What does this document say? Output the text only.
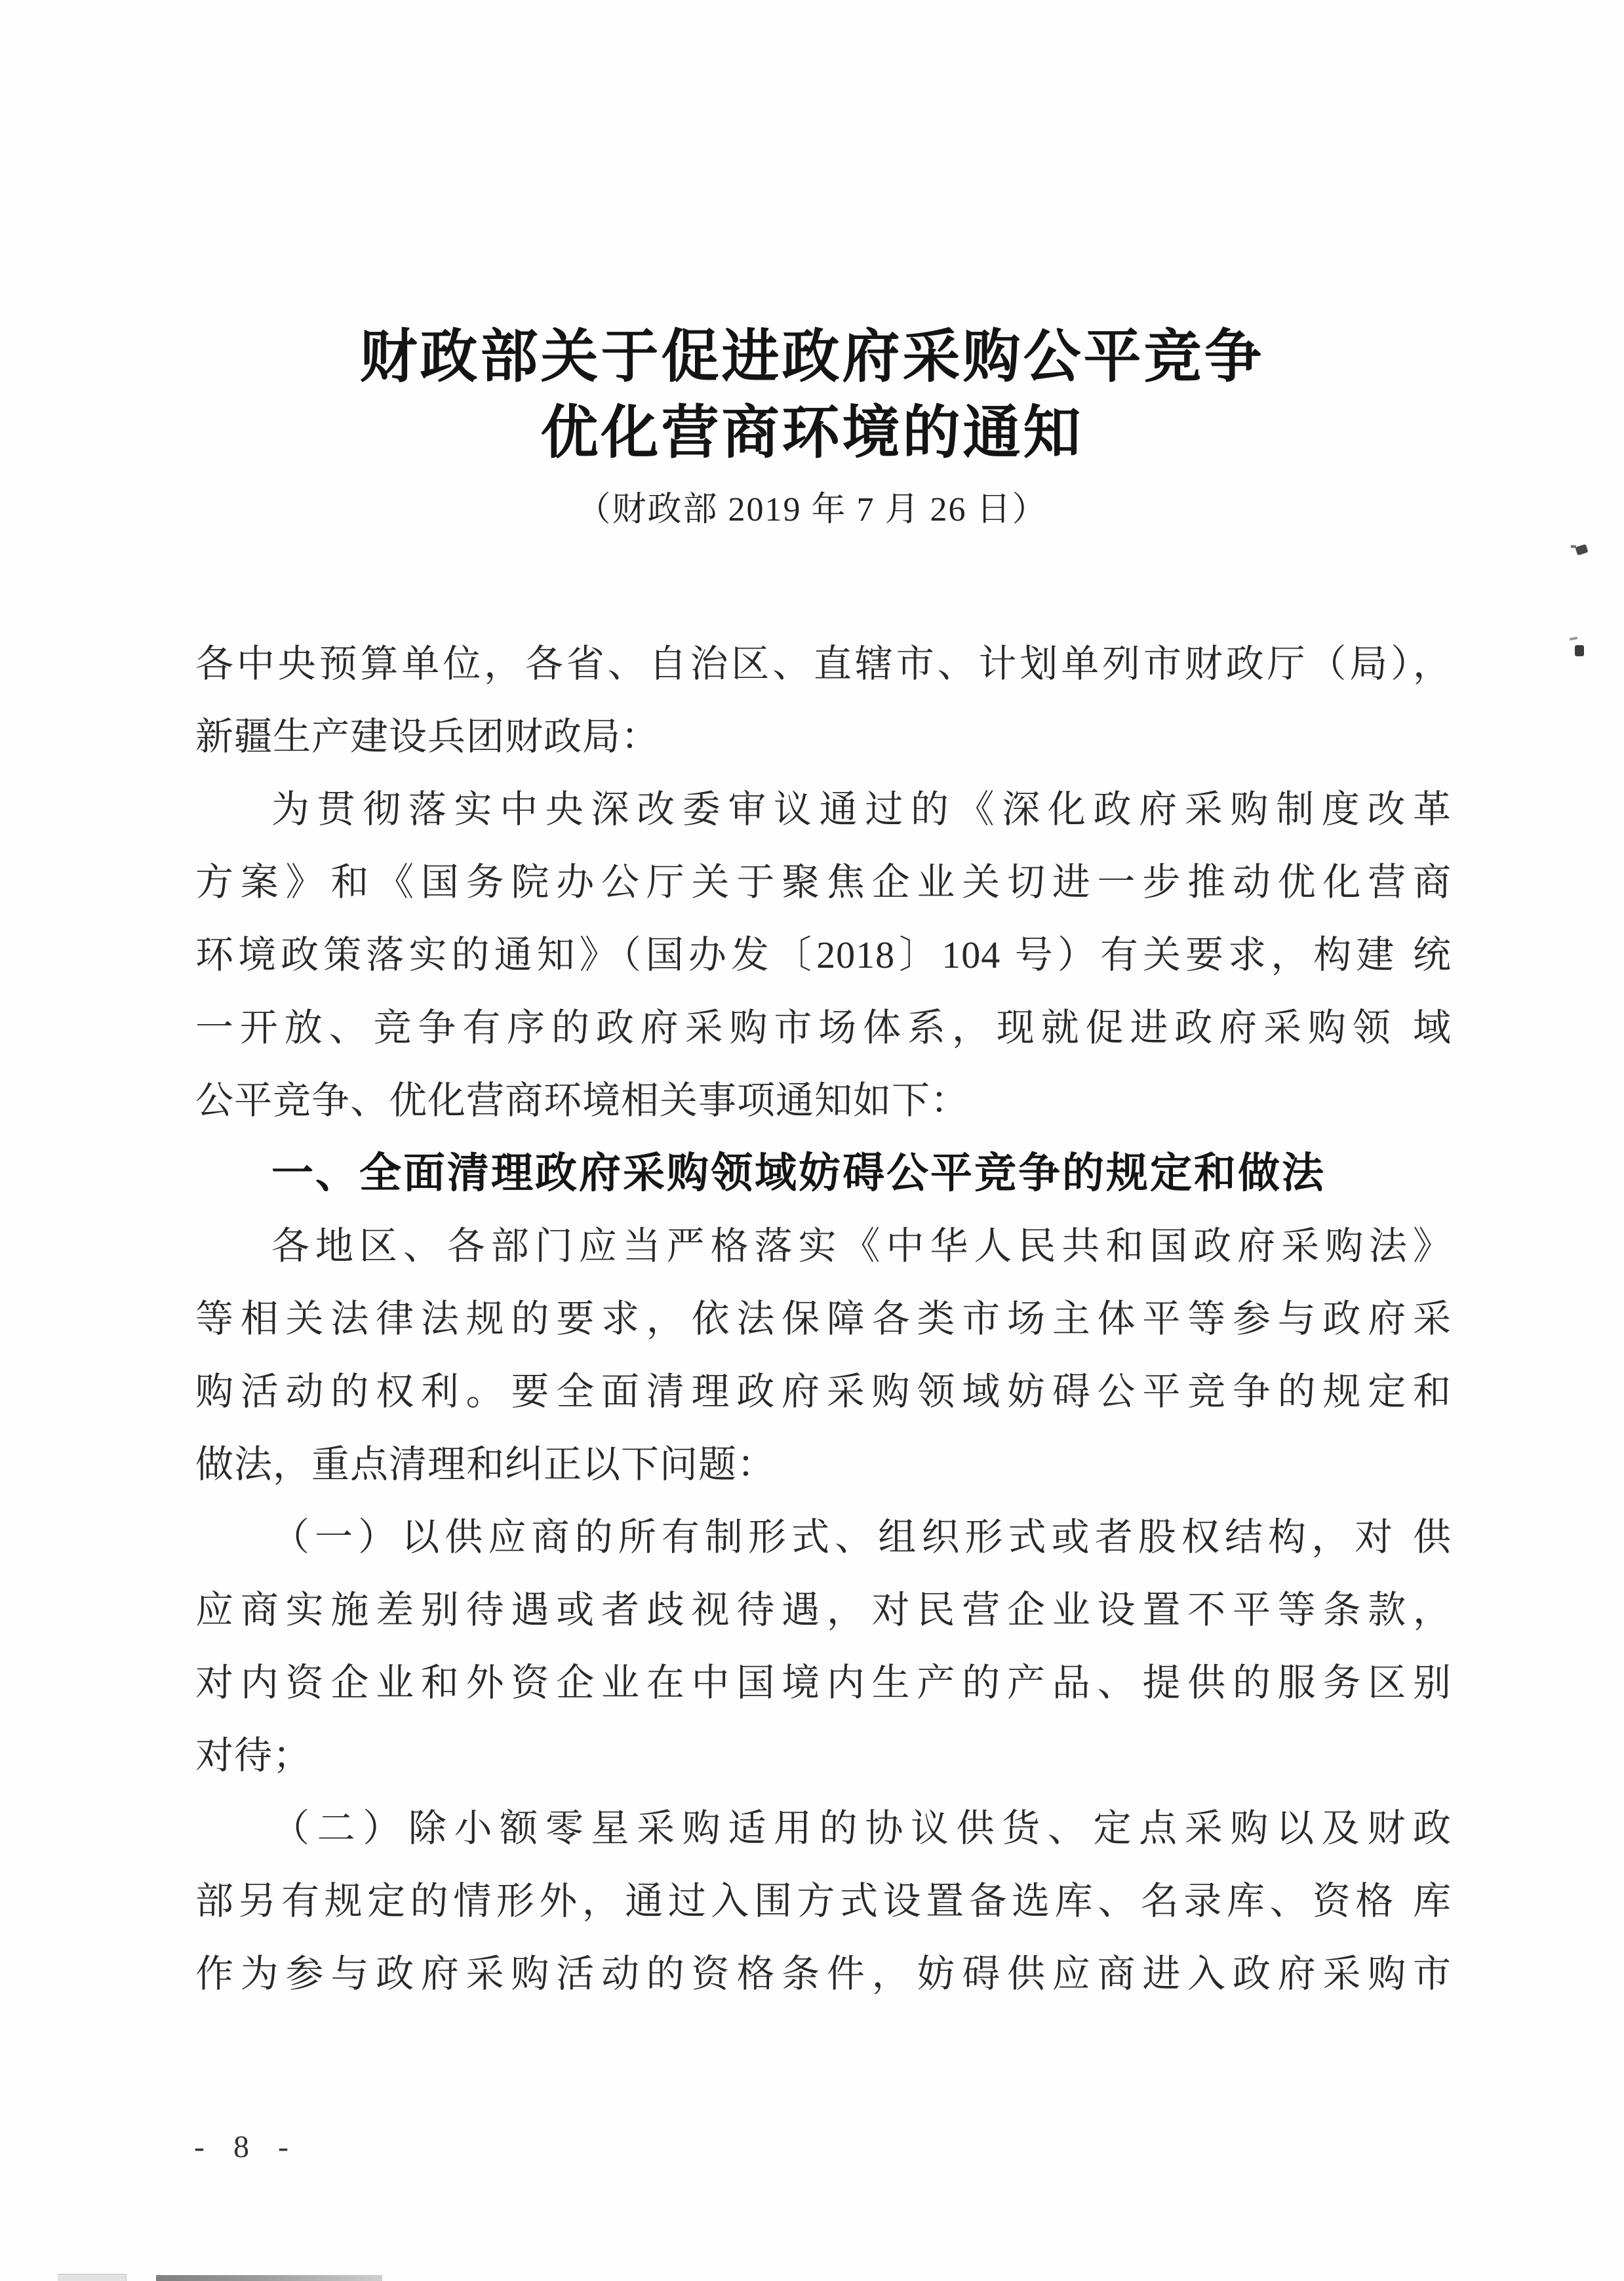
财政部关于促进政府采购公平竞争
优化营商环境的通知
（财政部 2019 年 7 月 26 日）
各中央预算单位，各省、自治区、直辖市、计划单列市财政厅（局），
新疆生产建设兵团财政局：
为贯彻落实中央深改委审议通过的《深化政府采购制度改革
方案》和《国务院办公厅关于聚焦企业关切进一步推动优化营商
环境政策落实的通知》（国办发〔2018〕104 号）有关要求，构建 统
一开放、竞争有序的政府采购市场体系，现就促进政府采购领 域
公平竞争、优化营商环境相关事项通知如下：
一、全面清理政府采购领域妨碍公平竞争的规定和做法
各地区、各部门应当严格落实《中华人民共和国政府采购法》
等相关法律法规的要求，依法保障各类市场主体平等参与政府采
购活动的权利。要全面清理政府采购领域妨碍公平竞争的规定和
做法，重点清理和纠正以下问题：
（一）以供应商的所有制形式、组织形式或者股权结构，对 供
应商实施差别待遇或者歧视待遇，对民营企业设置不平等条款，
对内资企业和外资企业在中国境内生产的产品、提供的服务区别
对待；
（二）除小额零星采购适用的协议供货、定点采购以及财政
部另有规定的情形外，通过入围方式设置备选库、名录库、资格 库
作为参与政府采购活动的资格条件，妨碍供应商进入政府采购市
- 8 -
